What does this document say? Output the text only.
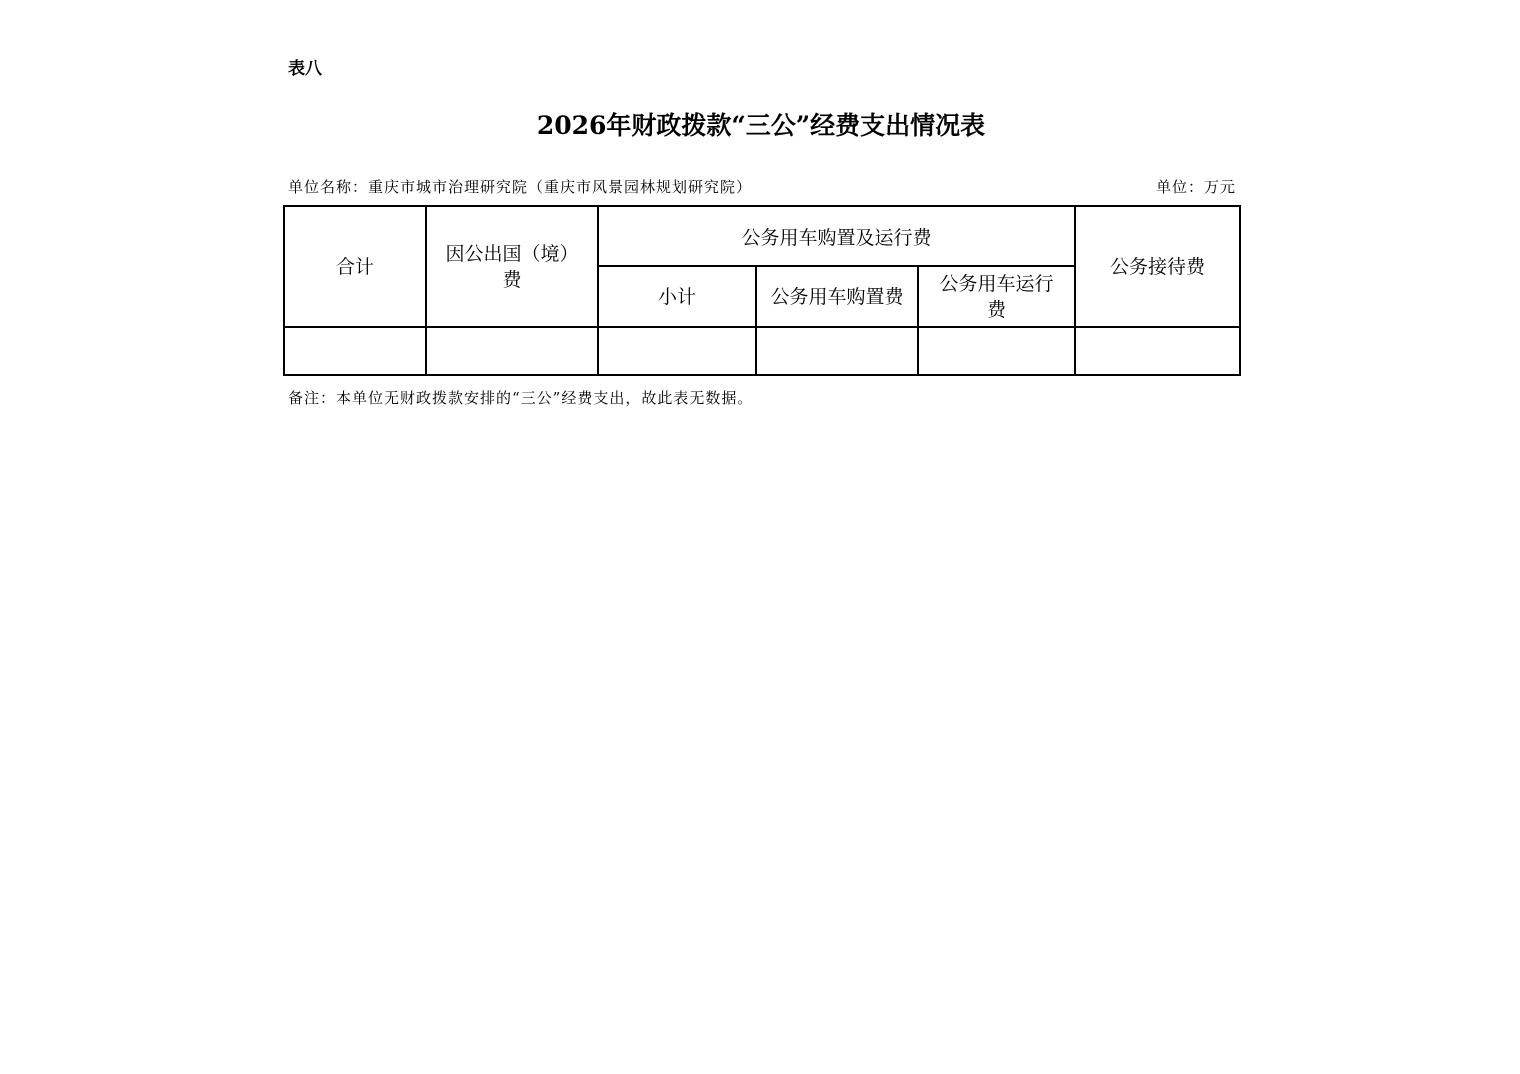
表八
2026年财政拨款“三公”经费支出情况表
单位名称：重庆市城市治理研究院（重庆市风景园林规划研究院）	单位：万元
合计	因公出国（境）费	公务用车购置及运行费			公务接待费
		小计	公务用车购置费	公务用车运行费	

备注：本单位无财政拨款安排的“三公”经费支出，故此表无数据。
